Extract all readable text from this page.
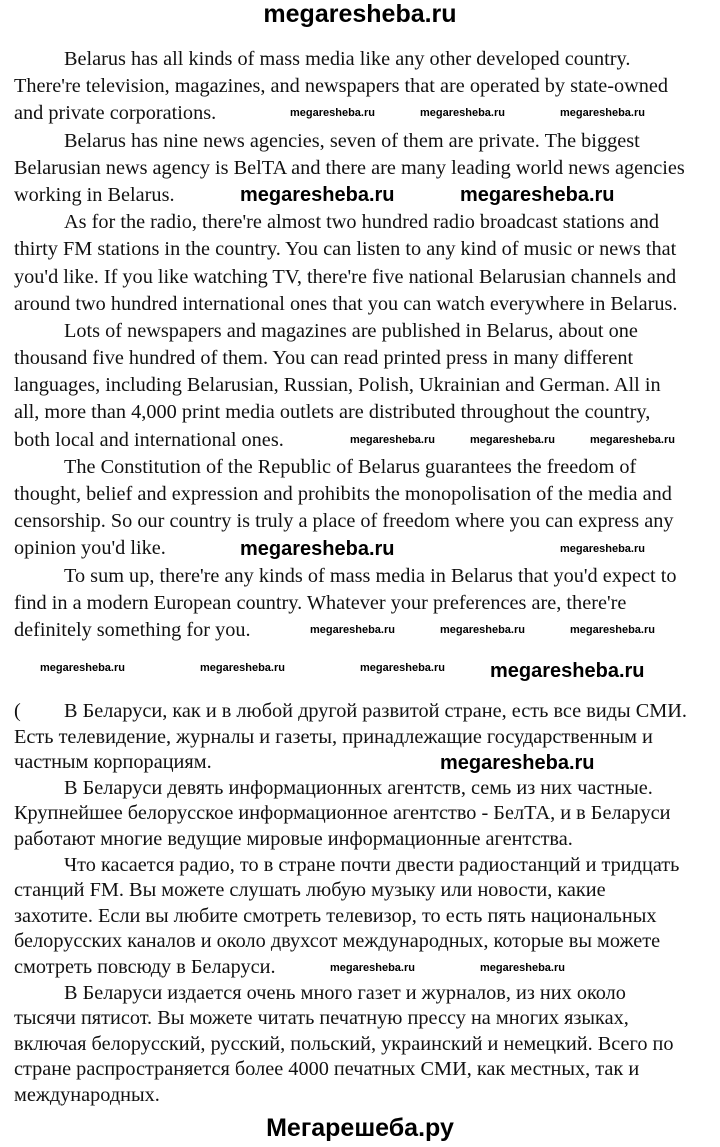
megaresheba.ru
Belarus has all kinds of mass media like any other developed country.
There're television, magazines, and newspapers that are operated by state-owned
and private corporations.
Belarus has nine news agencies, seven of them are private. The biggest
Belarusian news agency is BelTA and there are many leading world news agencies
working in Belarus.
As for the radio, there're almost two hundred radio broadcast stations and
thirty FM stations in the country. You can listen to any kind of music or news that
you'd like. If you like watching TV, there're five national Belarusian channels and
around two hundred international ones that you can watch everywhere in Belarus.
Lots of newspapers and magazines are published in Belarus, about one
thousand five hundred of them. You can read printed press in many different
languages, including Belarusian, Russian, Polish, Ukrainian and German. All in
all, more than 4,000 print media outlets are distributed throughout the country,
both local and international ones.
The Constitution of the Republic of Belarus guarantees the freedom of
thought, belief and expression and prohibits the monopolisation of the media and
censorship. So our country is truly a place of freedom where you can express any
opinion you'd like.
To sum up, there're any kinds of mass media in Belarus that you'd expect to
find in a modern European country. Whatever your preferences are, there're
definitely something for you.
( В Беларуси, как и в любой другой развитой стране, есть все виды СМИ.
Есть телевидение, журналы и газеты, принадлежащие государственным и
частным корпорациям.
В Беларуси девять информационных агентств, семь из них частные.
Крупнейшее белорусское информационное агентство - БелТА, и в Беларуси
работают многие ведущие мировые информационные агентства.
Что касается радио, то в стране почти двести радиостанций и тридцать
станций FM. Вы можете слушать любую музыку или новости, какие
захотите. Если вы любите смотреть телевизор, то есть пять национальных
белорусских каналов и около двухсот международных, которые вы можете
смотреть повсюду в Беларуси.
В Беларуси издается очень много газет и журналов, из них около
тысячи пятисот. Вы можете читать печатную прессу на многих языках,
включая белорусский, русский, польский, украинский и немецкий. Всего по
стране распространяется более 4000 печатных СМИ, как местных, так и
международных.
megaresheba.ru	megaresheba.ru	megaresheba.ru
megaresheba.ru	megaresheba.ru
megaresheba.ru	megaresheba.ru	megaresheba.ru
megaresheba.ru	megaresheba.ru
megaresheba.ru	megaresheba.ru	megaresheba.ru
megaresheba.ru	megaresheba.ru	megaresheba.ru megaresheba.ru
megaresheba.ru
megaresheba.ru	megaresheba.ru
Мегарешеба.ру
